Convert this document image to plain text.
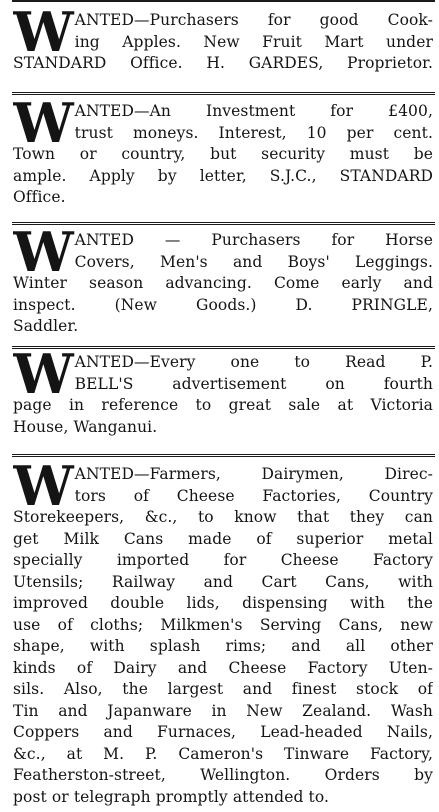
W ANTED—Purchasers for good Cook-
ing Apples. New Fruit Mart under
STANDARD Office. H. GARDES, Proprietor.
W ANTED—An Investment for £400,
trust moneys. Interest, 10 per cent.
Town or country, but security must be
ample. Apply by letter, S.J.C., STANDARD
Office.
W ANTED — Purchasers for Horse
Covers, Men's and Boys' Leggings.
Winter season advancing. Come early and
inspect. (New Goods.) D. PRINGLE,
Saddler.
W ANTED—Every one to Read P.
BELL'S advertisement on fourth
page in reference to great sale at Victoria
House, Wanganui.
W ANTED—Farmers, Dairymen, Direc-
tors of Cheese Factories, Country
Storekeepers, &c., to know that they can
get Milk Cans made of superior metal
specially imported for Cheese Factory
Utensils; Railway and Cart Cans, with
improved double lids, dispensing with the
use of cloths; Milkmen's Serving Cans, new
shape, with splash rims; and all other
kinds of Dairy and Cheese Factory Uten-
sils. Also, the largest and finest stock of
Tin and Japanware in New Zealand. Wash
Coppers and Furnaces, Lead-headed Nails,
&c., at M. P. Cameron's Tinware Factory,
Featherston-street, Wellington. Orders by
post or telegraph promptly attended to.
